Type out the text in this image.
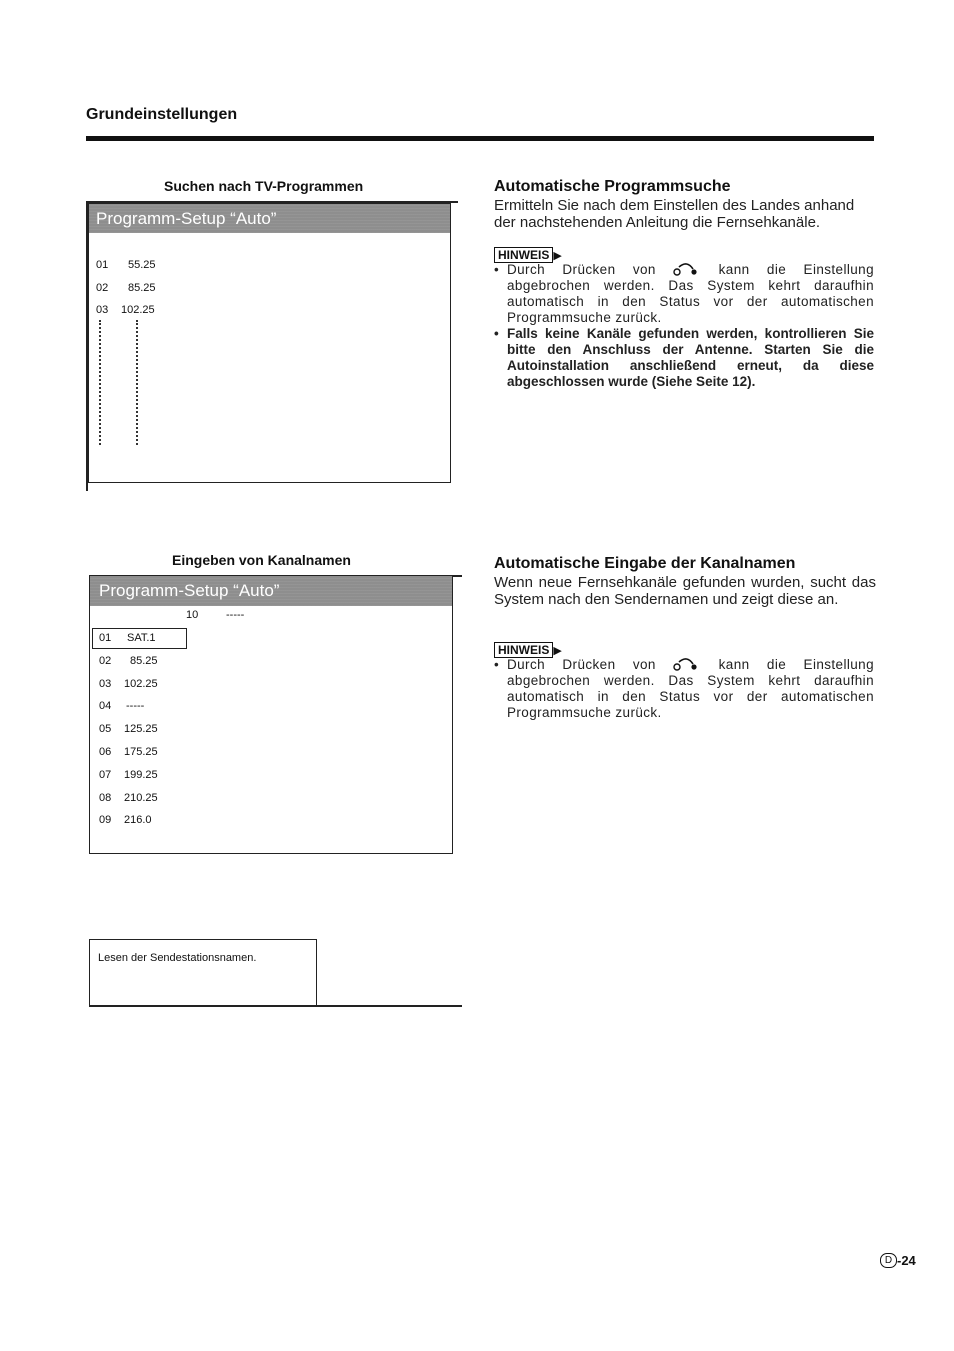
Grundeinstellungen
Suchen nach TV-Programmen
Programm-Setup “Auto”
01 55.25
02 85.25
03 102.25
Eingeben von Kanalnamen
Programm-Setup “Auto”
10	-----
01 SAT.1
02 85.25
03 102.25
04 -----
05 125.25
06 175.25
07 199.25
08 210.25
09 216.0
Lesen der Sendestationsnamen.
Automatische Programmsuche
Ermitteln Sie nach dem Einstellen des Landes anhand
der nachstehenden Anleitung die Fernsehkanäle.
HINWEIS ▶
• Durch Drücken von	kann die Einstellung abgebrochen werden. Das System kehrt daraufhin automatisch in den Status vor der automatischen Programmsuche zurück.
• Falls keine Kanäle gefunden werden, kontrollieren Sie bitte den Anschluss der Antenne. Starten Sie die Autoinstallation anschließend erneut, da diese abgeschlossen wurde (Siehe Seite 12).
Automatische Eingabe der Kanalnamen
Wenn neue Fernsehkanäle gefunden wurden, sucht das System nach den Sendernamen und zeigt diese an.
HINWEIS ▶
• Durch Drücken von	kann die Einstellung abgebrochen werden. Das System kehrt daraufhin automatisch in den Status vor der automatischen Programmsuche zurück.
D -24
